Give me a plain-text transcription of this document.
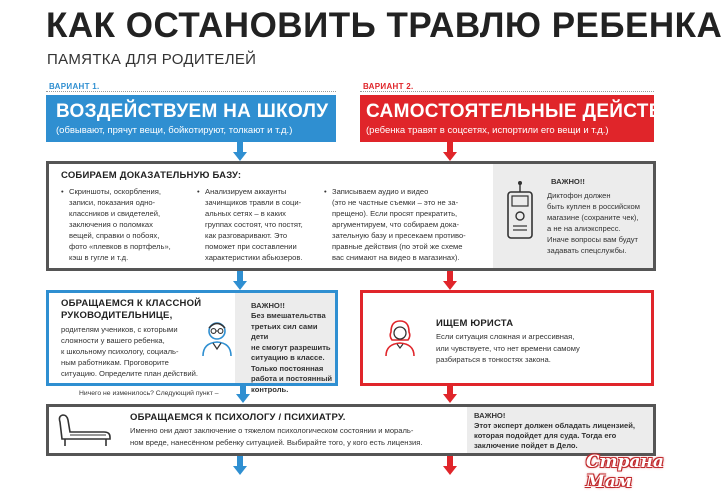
КАК ОСТАНОВИТЬ ТРАВЛЮ РЕБЕНКА
ПАМЯТКА ДЛЯ РОДИТЕЛЕЙ
ВАРИАНТ 1.	ВАРИАНТ 2.
ВОЗДЕЙСТВУЕМ НА ШКОЛУ
(обвывают, прячут вещи, бойкотируют, толкают и т.д.)
САМОСТОЯТЕЛЬНЫЕ ДЕЙСТВИЯ
(ребенка травят в соцсетях, испортили его вещи и т.д.)
СОБИРАЕМ ДОКАЗАТЕЛЬНУЮ БАЗУ:
• Скриншоты, оскорбления,
записи, показания одно-
классников и свидетелей,
заключения о поломках
вещей, справки о побоях,
фото «плевков в портфель»,
кэш в гугле и т.д.
• Анализируем аккаунты
зачинщиков травли в соци-
альных сетях – в каких
группах состоят, что постят,
как разговаривают. Это
поможет при составлении
характеристики абьюзеров.
• Записываем аудио и видео
(это не частные съемки – это не за-
прещено). Если просят прекратить,
аргументируем, что собираем дока-
зательную базу и пресекаем противо-
правные действия (по этой же схеме
вас снимают на видео в магазинах).
ВАЖНО!!
Диктофон должен
быть куплен в российском
магазине (сохраните чек),
а не на алиэкспресс.
Иначе вопросы вам будут
задавать спецслужбы.
ОБРАЩАЕМСЯ К КЛАССНОЙ
РУКОВОДИТЕЛЬНИЦЕ,
родителям учеников, с которыми
сложности у вашего ребенка,
к школьному психологу, социаль-
ным работникам. Проговорите
ситуацию. Определите план действий.
ВАЖНО!!
Без вмешательства
третьих сил сами дети
не смогут разрешить
ситуацию в классе.
Только постоянная
работа и постоянный
контроль.
ИЩЕМ ЮРИСТА
Если ситуация сложная и агрессивная,
или чувствуете, что нет времени самому
разбираться в тонкостях закона.
Ничего не изменилось? Следующий пункт –
ОБРАЩАЕМСЯ К ПСИХОЛОГУ / ПСИХИАТРУ.
Именно они дают заключение о тяжелом психологическом состоянии и мораль-
ном вреде, нанесённом ребенку ситуацией. Выбирайте того, у кого есть лицензия.
ВАЖНО!
Этот эксперт должен обладать лицензией,
которая подойдет для суда. Тогда его
заключение пойдет в Дело.
Страна Мам
